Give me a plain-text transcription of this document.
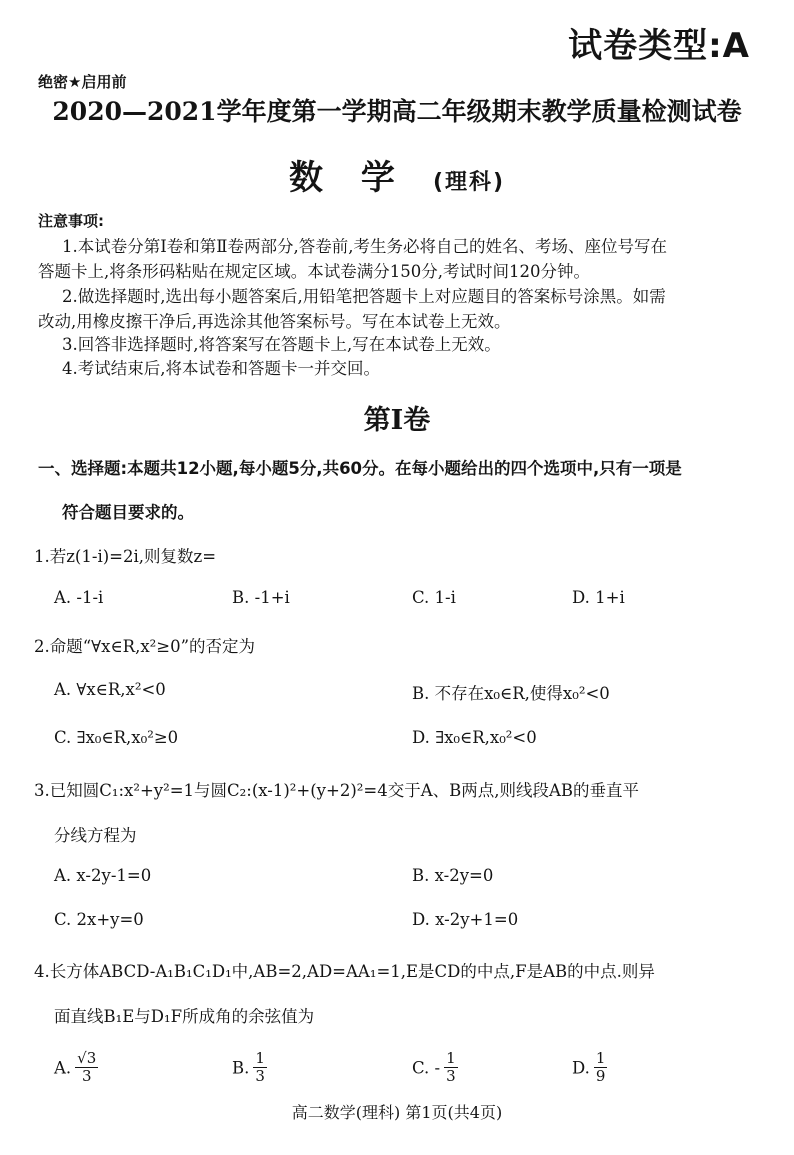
试卷类型:A
绝密★启用前
2020—2021学年度第一学期高二年级期末教学质量检测试卷
数学(理科)
注意事项:
1.本试卷分第Ⅰ卷和第Ⅱ卷两部分,答卷前,考生务必将自己的姓名、考场、座位号写在
答题卡上,将条形码粘贴在规定区域。本试卷满分150分,考试时间120分钟。
2.做选择题时,选出每小题答案后,用铅笔把答题卡上对应题目的答案标号涂黑。如需
改动,用橡皮擦干净后,再选涂其他答案标号。写在本试卷上无效。
3.回答非选择题时,将答案写在答题卡上,写在本试卷上无效。
4.考试结束后,将本试卷和答题卡一并交回。
第Ⅰ卷
一、选择题:本题共12小题,每小题5分,共60分。在每小题给出的四个选项中,只有一项是
符合题目要求的。
1.若z(1-i)=2i,则复数z=
A. -1-i	B. -1+i	C. 1-i	D. 1+i
2.命题“∀x∈R,x²≥0”的否定为
A. ∀x∈R,x²<0	B. 不存在x₀∈R,使得x₀²<0
C. ∃x₀∈R,x₀²≥0	D. ∃x₀∈R,x₀²<0
3.已知圆C₁:x²+y²=1与圆C₂:(x-1)²+(y+2)²=4交于A、B两点,则线段AB的垂直平
分线方程为
A. x-2y-1=0	B. x-2y=0
C. 2x+y=0	D. x-2y+1=0
4.长方体ABCD-A₁B₁C₁D₁中,AB=2,AD=AA₁=1,E是CD的中点,F是AB的中点.则异
面直线B₁E与D₁F所成角的余弦值为
A. $\frac{√3}{3}$	B. $\frac{1}{3}$	C. - $\frac{1}{3}$	D. $\frac{1}{9}$
高二数学(理科) 第1页(共4页)
